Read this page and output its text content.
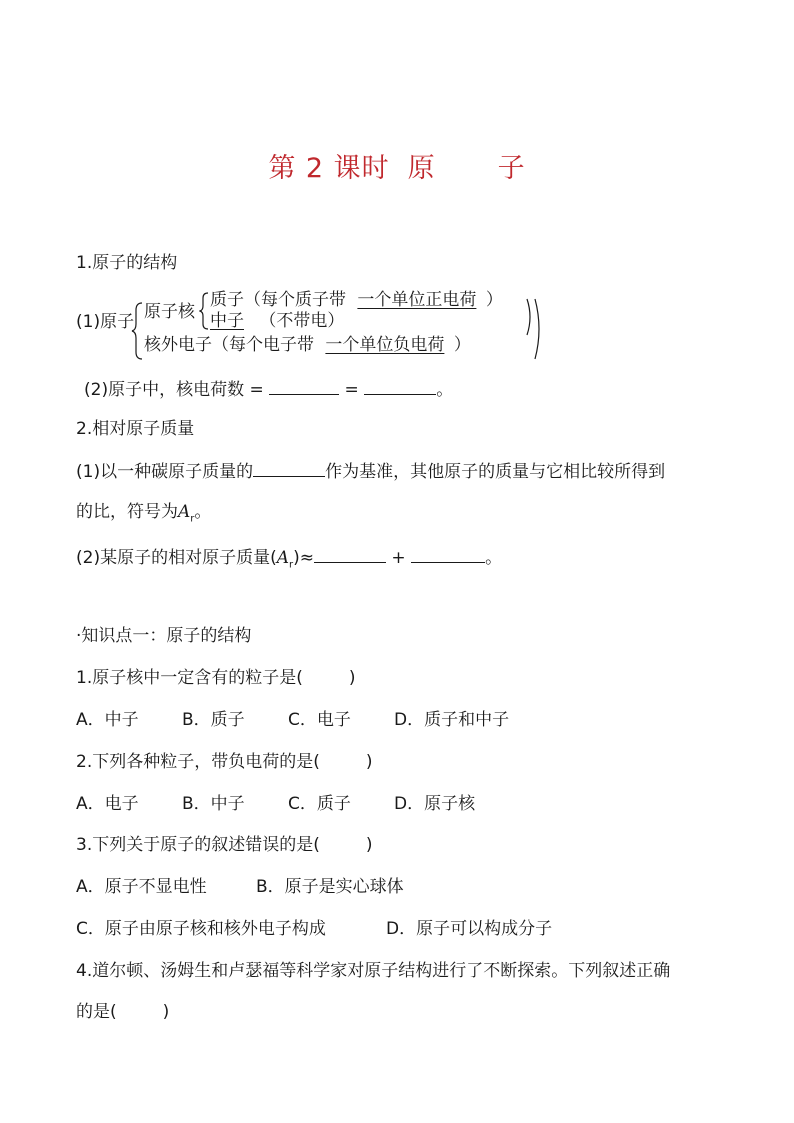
第 2 课时 原 子
1.原子的结构
(1)原子 原子核
质子（每个质子带 一个单位正电荷 ）
中子 （不带电）
核外电子（每个电子带 一个单位负电荷 ）
(2)原子中，核电荷数 =	=	。
2.相对原子质量
(1)以一种碳原子质量的	作为基准，其他原子的质量与它相比较所得到
的比，符号为$A_r$。
(2)某原子的相对原子质量$(A_r)\approx$	+	。
·知识点一：原子的结构
1.原子核中一定含有的粒子是(	)
A．中子	B．质子	C．电子	D．质子和中子
2.下列各种粒子，带负电荷的是(	)
A．电子	B．中子	C．质子	D．原子核
3.下列关于原子的叙述错误的是(	)
A．原子不显电性	B．原子是实心球体
C．原子由原子核和核外电子构成	D．原子可以构成分子
4.道尔顿、汤姆生和卢瑟福等科学家对原子结构进行了不断探索。下列叙述正确
的是(	)
